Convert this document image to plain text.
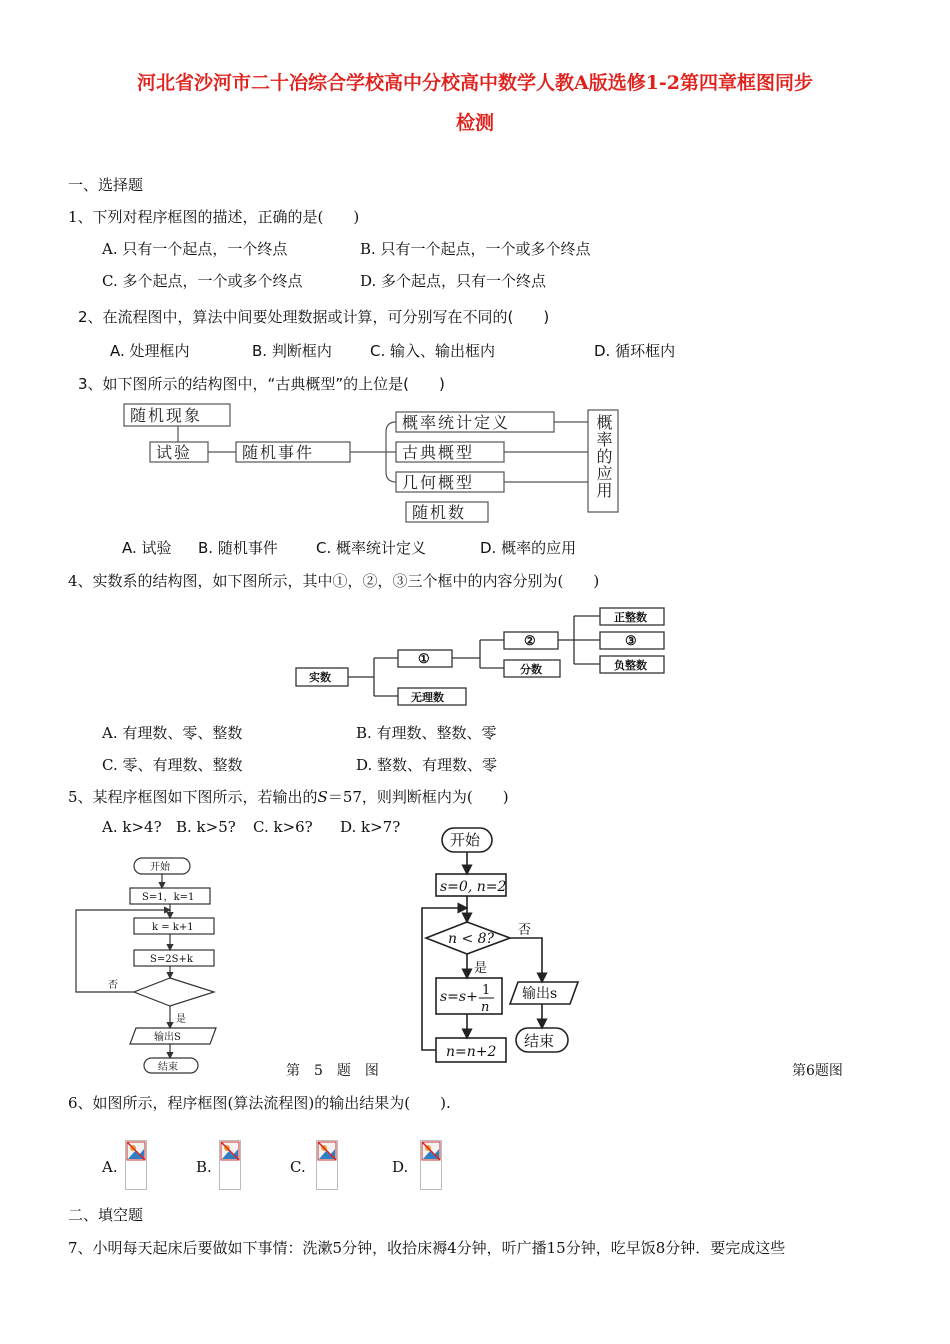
河北省沙河市二十冶综合学校高中分校高中数学人教A版选修1-2第四章框图同步
检测
一、选择题
1、下列对程序框图的描述，正确的是(　　)
A. 只有一个起点，一个终点	B. 只有一个起点，一个或多个终点
C. 多个起点，一个或多个终点	D. 多个起点，只有一个终点
2、在流程图中，算法中间要处理数据或计算，可分别写在不同的(　　)
A. 处理框内	B. 判断框内	C. 输入、输出框内	D. 循环框内
3、如下图所示的结构图中，“古典概型”的上位是(　　)
随机现象
试验	随机事件
概率统计定义
古典概型
几何概型
随机数
概率的应用
A. 试验 B. 随机事件	C. 概率统计定义	D. 概率的应用
4、实数系的结构图，如下图所示，其中①，②，③三个框中的内容分别为(　　)
实数
①
无理数
②
分数
正整数
③
负整数
A. 有理数、零、整数	B. 有理数、整数、零
C. 零、有理数、整数	D. 整数、有理数、零
5、某程序框图如下图所示，若输出的S＝57，则判断框内为(　　)
A. k>4? B. k>5? C. k>6? D. k>7?
开始
S=1，k=1
k = k+1
S=2S+k
否
是
输出S
结束	第　5　题　图
开始
s=0, n=2
n < 8?
否
是
s=s+ 1
n
n=n+2
输出s
结束
第6题图
6、如图所示，程序框图(算法流程图)的输出结果为(　　).
A.	B.	C.	D.
二、填空题
7、小明每天起床后要做如下事情：洗漱5分钟，收拾床褥4分钟，听广播15分钟，吃早饭8分钟．要完成这些
